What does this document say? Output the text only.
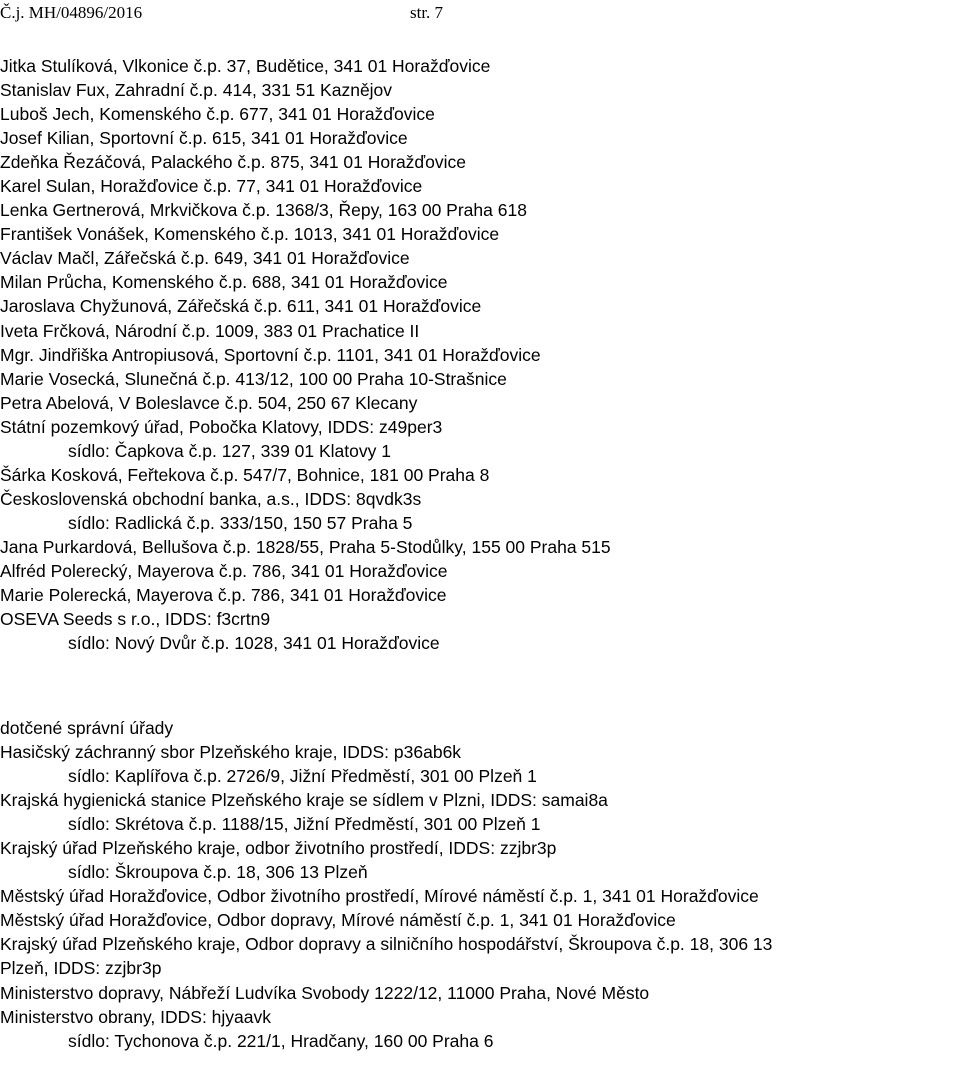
Č.j. MH/04896/2016	str. 7
Jitka Stulíková, Vlkonice č.p. 37, Budětice, 341 01 Horažďovice
Stanislav Fux, Zahradní č.p. 414, 331 51 Kaznějov
Luboš Jech, Komenského č.p. 677, 341 01 Horažďovice
Josef Kilian, Sportovní č.p. 615, 341 01 Horažďovice
Zdeňka Řezáčová, Palackého č.p. 875, 341 01 Horažďovice
Karel Sulan, Horažďovice č.p. 77, 341 01 Horažďovice
Lenka Gertnerová, Mrkvičkova č.p. 1368/3, Řepy, 163 00 Praha 618
František Vonášek, Komenského č.p. 1013, 341 01 Horažďovice
Václav Mačl, Zářečská č.p. 649, 341 01 Horažďovice
Milan Průcha, Komenského č.p. 688, 341 01 Horažďovice
Jaroslava Chyžunová, Zářečská č.p. 611, 341 01 Horažďovice
Iveta Frčková, Národní č.p. 1009, 383 01 Prachatice II
Mgr. Jindřiška Antropiusová, Sportovní č.p. 1101, 341 01 Horažďovice
Marie Vosecká, Slunečná č.p. 413/12, 100 00 Praha 10-Strašnice
Petra Abelová, V Boleslavce č.p. 504, 250 67 Klecany
Státní pozemkový úřad, Pobočka Klatovy, IDDS: z49per3
sídlo: Čapkova č.p. 127, 339 01 Klatovy 1
Šárka Kosková, Feřtekova č.p. 547/7, Bohnice, 181 00 Praha 8
Československá obchodní banka, a.s., IDDS: 8qvdk3s
sídlo: Radlická č.p. 333/150, 150 57 Praha 5
Jana Purkardová, Bellušova č.p. 1828/55, Praha 5-Stodůlky, 155 00 Praha 515
Alfréd Polerecký, Mayerova č.p. 786, 341 01 Horažďovice
Marie Polerecká, Mayerova č.p. 786, 341 01 Horažďovice
OSEVA Seeds s r.o., IDDS: f3crtn9
sídlo: Nový Dvůr č.p. 1028, 341 01 Horažďovice
dotčené správní úřady
Hasičský záchranný sbor Plzeňského kraje, IDDS: p36ab6k
sídlo: Kaplířova č.p. 2726/9, Jižní Předměstí, 301 00 Plzeň 1
Krajská hygienická stanice Plzeňského kraje se sídlem v Plzni, IDDS: samai8a
sídlo: Skrétova č.p. 1188/15, Jižní Předměstí, 301 00 Plzeň 1
Krajský úřad Plzeňského kraje, odbor životního prostředí, IDDS: zzjbr3p
sídlo: Škroupova č.p. 18, 306 13 Plzeň
Městský úřad Horažďovice, Odbor životního prostředí, Mírové náměstí č.p. 1, 341 01 Horažďovice
Městský úřad Horažďovice, Odbor dopravy, Mírové náměstí č.p. 1, 341 01 Horažďovice
Krajský úřad Plzeňského kraje, Odbor dopravy a silničního hospodářství, Škroupova č.p. 18, 306 13
Plzeň, IDDS: zzjbr3p
Ministerstvo dopravy, Nábřeží Ludvíka Svobody 1222/12, 11000 Praha, Nové Město
Ministerstvo obrany, IDDS: hjyaavk
sídlo: Tychonova č.p. 221/1, Hradčany, 160 00 Praha 6
